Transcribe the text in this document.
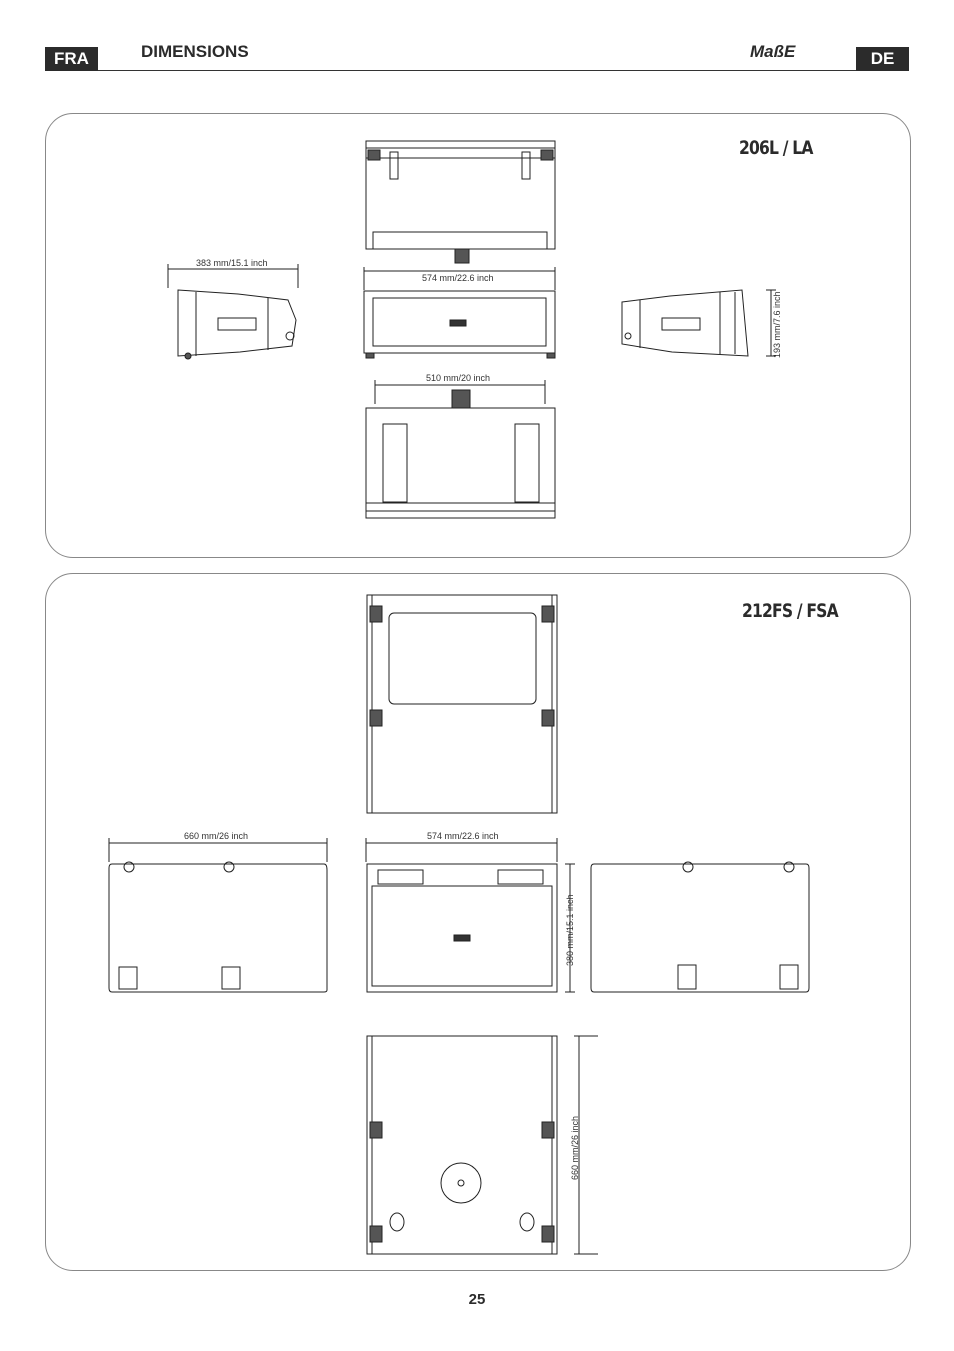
FRA	DIMENSIONS	MaßE	DE
206L / LA
383 mm/15.1 inch
574 mm/22.6 inch
510 mm/20 inch
193 mm/7.6 inch
212FS / FSA
660 mm/26 inch	574 mm/22.6 inch
380 mm/15.1 inch
660 mm/26 inch
25
